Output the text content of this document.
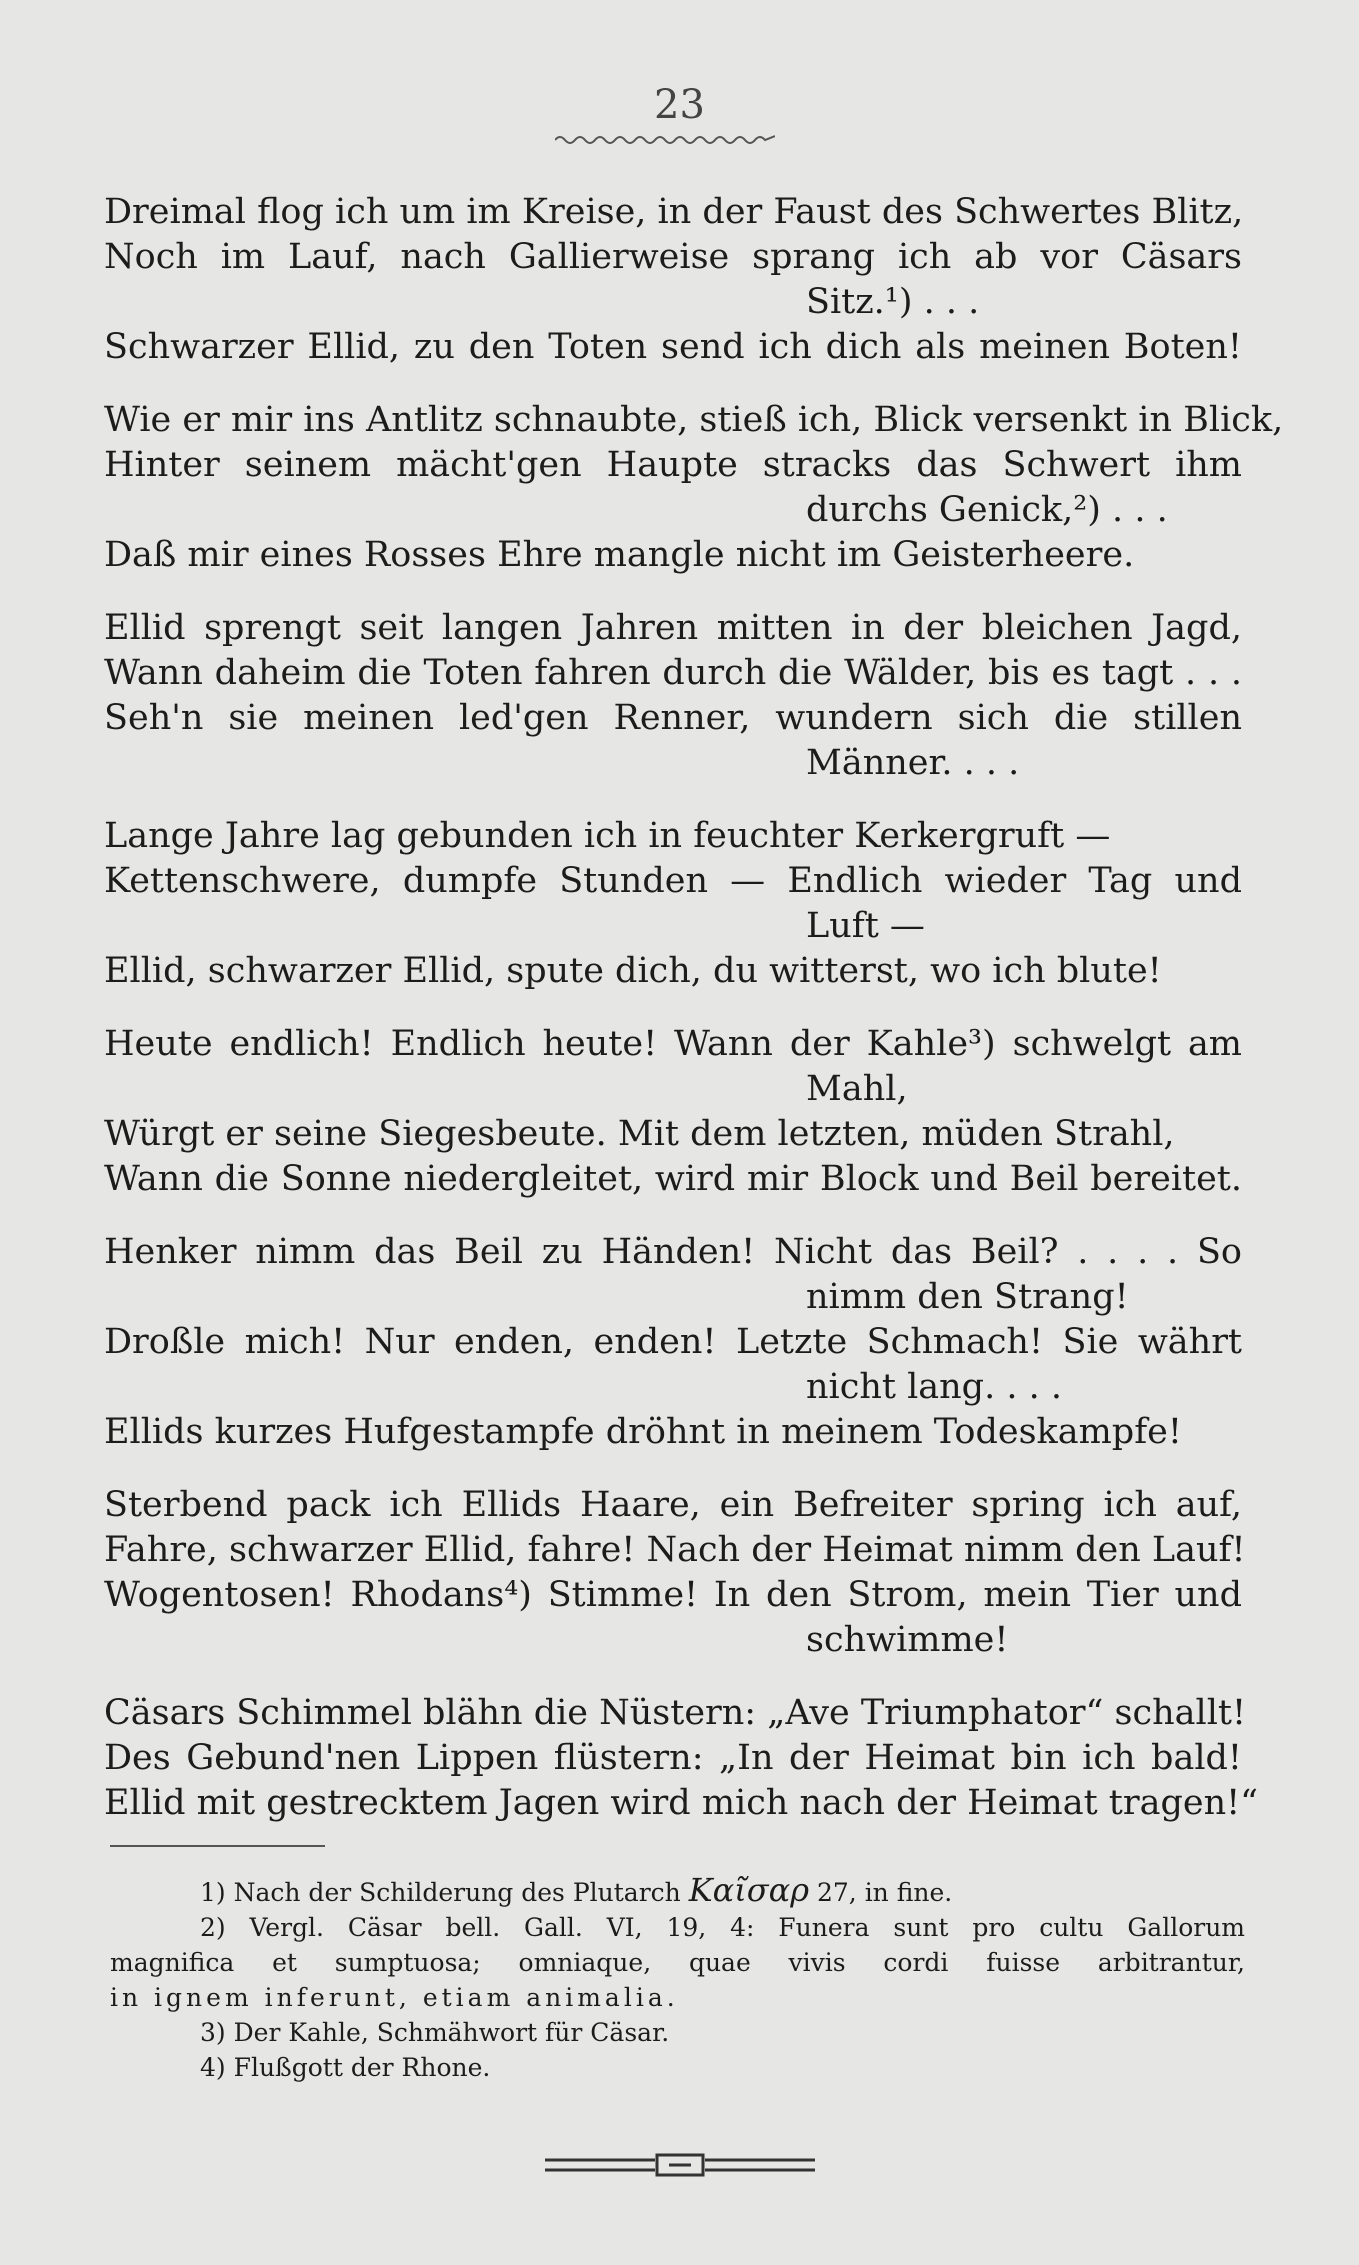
23
Dreimal flog ich um im Kreise, in der Faust des Schwertes Blitz,
Noch im Lauf, nach Gallierweise sprang ich ab vor Cäsars
Sitz.¹) . . .
Schwarzer Ellid, zu den Toten send ich dich als meinen Boten!
Wie er mir ins Antlitz schnaubte, stieß ich, Blick versenkt in Blick,
Hinter seinem mächt'gen Haupte stracks das Schwert ihm
durchs Genick,²) . . .
Daß mir eines Rosses Ehre mangle nicht im Geisterheere.
Ellid sprengt seit langen Jahren mitten in der bleichen Jagd,
Wann daheim die Toten fahren durch die Wälder, bis es tagt . . .
Seh'n sie meinen led'gen Renner, wundern sich die stillen
Männer. . . .
Lange Jahre lag gebunden ich in feuchter Kerkergruft —
Kettenschwere, dumpfe Stunden — Endlich wieder Tag und
Luft —
Ellid, schwarzer Ellid, spute dich, du witterst, wo ich blute!
Heute endlich! Endlich heute! Wann der Kahle³) schwelgt am
Mahl,
Würgt er seine Siegesbeute. Mit dem letzten, müden Strahl,
Wann die Sonne niedergleitet, wird mir Block und Beil bereitet.
Henker nimm das Beil zu Händen! Nicht das Beil? . . . . So
nimm den Strang!
Droßle mich! Nur enden, enden! Letzte Schmach! Sie währt
nicht lang. . . .
Ellids kurzes Hufgestampfe dröhnt in meinem Todeskampfe!
Sterbend pack ich Ellids Haare, ein Befreiter spring ich auf,
Fahre, schwarzer Ellid, fahre! Nach der Heimat nimm den Lauf!
Wogentosen! Rhodans⁴) Stimme! In den Strom, mein Tier und
schwimme!
Cäsars Schimmel blähn die Nüstern: „Ave Triumphator“ schallt!
Des Gebund'nen Lippen flüstern: „In der Heimat bin ich bald!
Ellid mit gestrecktem Jagen wird mich nach der Heimat tragen!“
1) Nach der Schilderung des Plutarch Καῖσαρ 27, in fine.
2) Vergl. Cäsar bell. Gall. VI, 19, 4: Funera sunt pro cultu Gallorum
magnifica et sumptuosa; omniaque, quae vivis cordi fuisse arbitrantur,
in ignem inferunt, etiam animalia.
3) Der Kahle, Schmähwort für Cäsar.
4) Flußgott der Rhone.
